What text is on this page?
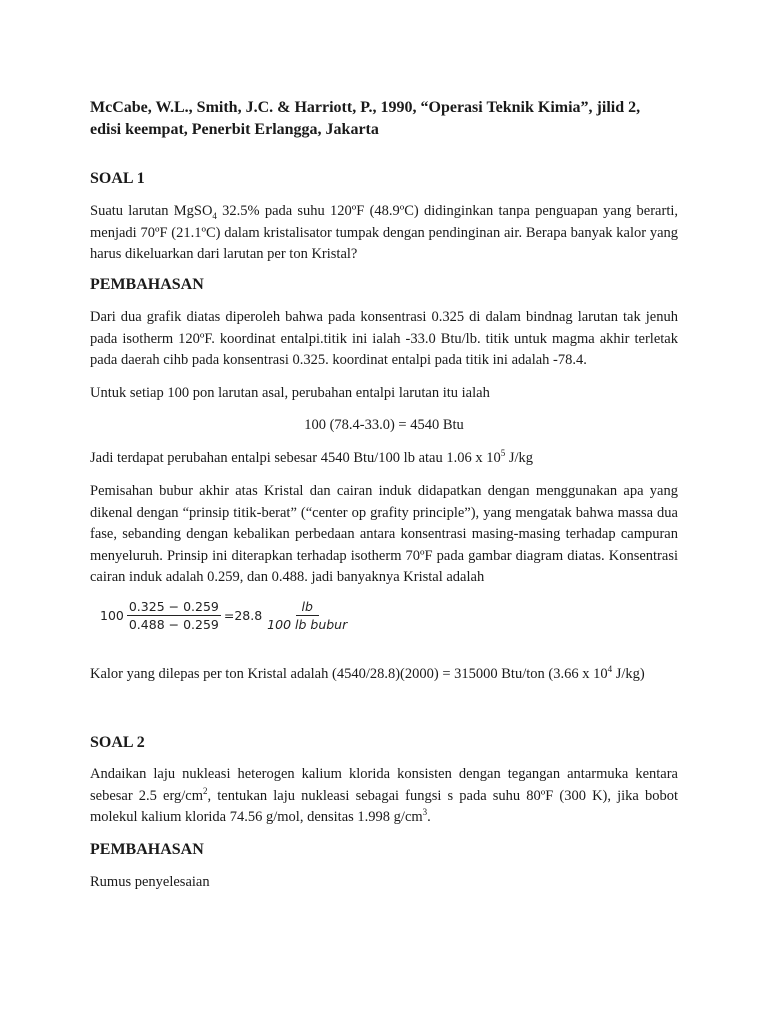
McCabe, W.L., Smith, J.C. & Harriott, P., 1990, “Operasi Teknik Kimia”, jilid 2,

edisi keempat, Penerbit Erlangga, Jakarta

SOAL 1

Suatu larutan MgSO$_4$ 32.5% pada suhu 120ºF (48.9ºC) didinginkan tanpa penguapan yang berarti, menjadi 70ºF (21.1ºC) dalam kristalisator tumpak dengan pendinginan air. Berapa banyak kalor yang harus dikeluarkan dari larutan per ton Kristal?

PEMBAHASAN

Dari dua grafik diatas diperoleh bahwa pada konsentrasi 0.325 di dalam bindnag larutan tak jenuh pada isotherm 120ºF. koordinat entalpi.titik ini ialah -33.0 Btu/lb. titik untuk magma akhir terletak pada daerah cihb pada konsentrasi 0.325. koordinat entalpi pada titik ini adalah -78.4.

Untuk setiap 100 pon larutan asal, perubahan entalpi larutan itu ialah

100 (78.4-33.0) = 4540 Btu

Jadi terdapat perubahan entalpi sebesar 4540 Btu/100 lb atau 1.06 x $10^5$ J/kg

Pemisahan bubur akhir atas Kristal dan cairan induk didapatkan dengan menggunakan apa yang dikenal dengan “prinsip titik-berat” (“center op grafity principle”), yang mengatak bahwa massa dua fase, sebanding dengan kebalikan perbedaan antara konsentrasi masing-masing terhadap campuran menyeluruh. Prinsip ini diterapkan terhadap isotherm 70ºF pada gambar diagram diatas. Konsentrasi cairan induk adalah 0.259, dan 0.488. jadi banyaknya Kristal adalah

$100 \frac{0.325 - 0.259}{0.488 - 0.259} =28.8 \frac{lb}{\text{100 lb bubur}}$

Kalor yang dilepas per ton Kristal adalah (4540/28.8)(2000) = 315000 Btu/ton (3.66 x $10^4$ J/kg)

SOAL 2

Andaikan laju nukleasi heterogen kalium klorida konsisten dengan tegangan antarmuka kentara sebesar 2.5 erg/$cm^2$, tentukan laju nukleasi sebagai fungsi s pada suhu 80ºF (300 K), jika bobot molekul kalium klorida 74.56 g/mol, densitas 1.998 $g/cm^3$.

PEMBAHASAN

Rumus penyelesaian
